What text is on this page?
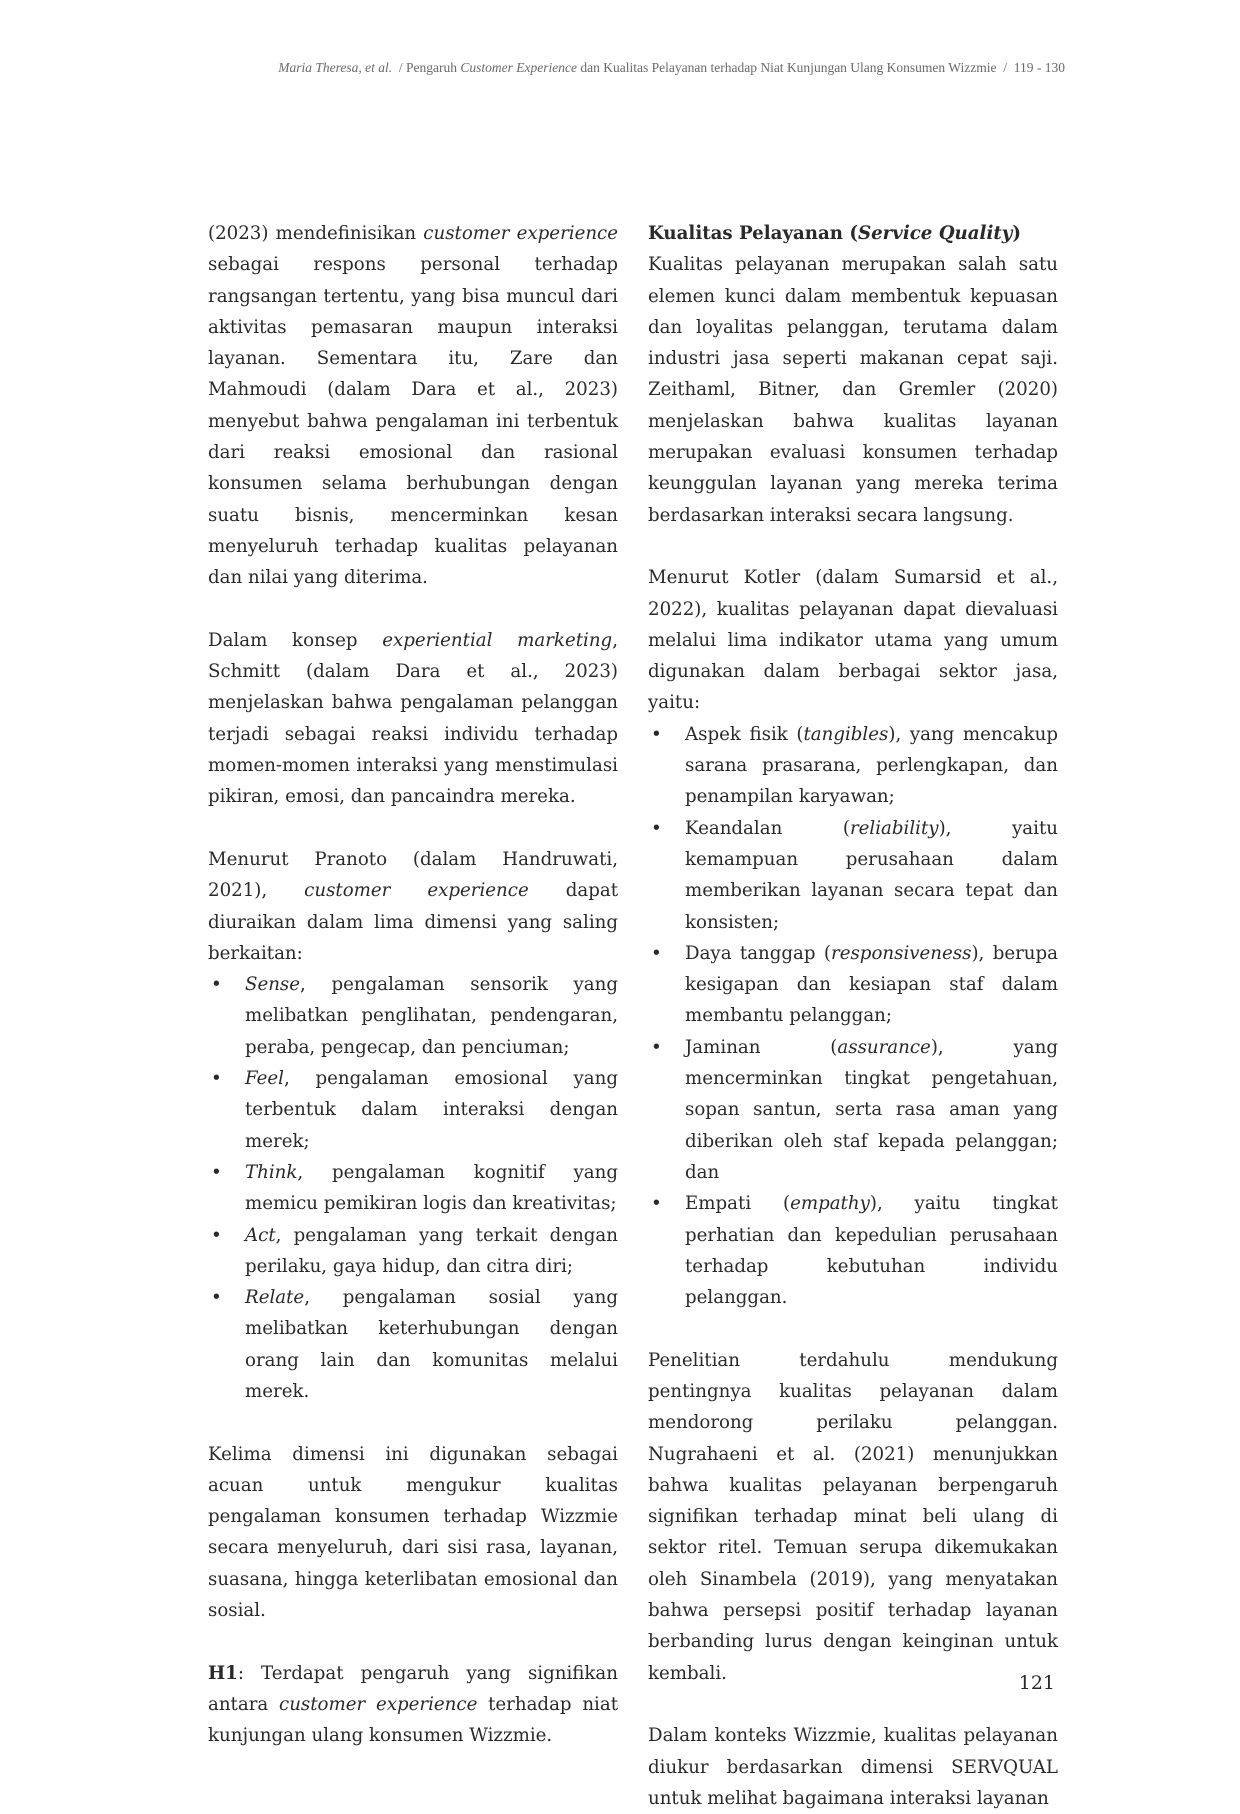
Maria Theresa, et al. / Pengaruh Customer Experience dan Kualitas Pelayanan terhadap Niat Kunjungan Ulang Konsumen Wizzmie / 119 - 130

(2023) mendefinisikan customer experience sebagai respons personal terhadap rangsangan tertentu, yang bisa muncul dari aktivitas pemasaran maupun interaksi layanan. Sementara itu, Zare dan Mahmoudi (dalam Dara et al., 2023) menyebut bahwa pengalaman ini terbentuk dari reaksi emosional dan rasional konsumen selama berhubungan dengan suatu bisnis, mencerminkan kesan menyeluruh terhadap kualitas pelayanan dan nilai yang diterima.

Dalam konsep experiential marketing, Schmitt (dalam Dara et al., 2023) menjelaskan bahwa pengalaman pelanggan terjadi sebagai reaksi individu terhadap momen-momen interaksi yang menstimulasi pikiran, emosi, dan pancaindra mereka.

Menurut Pranoto (dalam Handruwati, 2021), customer experience dapat diuraikan dalam lima dimensi yang saling berkaitan:

• Sense, pengalaman sensorik yang melibatkan penglihatan, pendengaran, peraba, pengecap, dan penciuman;
• Feel, pengalaman emosional yang terbentuk dalam interaksi dengan merek;
• Think, pengalaman kognitif yang memicu pemikiran logis dan kreativitas;
• Act, pengalaman yang terkait dengan perilaku, gaya hidup, dan citra diri;
• Relate, pengalaman sosial yang melibatkan keterhubungan dengan orang lain dan komunitas melalui merek.

Kelima dimensi ini digunakan sebagai acuan untuk mengukur kualitas pengalaman konsumen terhadap Wizzmie secara menyeluruh, dari sisi rasa, layanan, suasana, hingga keterlibatan emosional dan sosial.

H1: Terdapat pengaruh yang signifikan antara customer experience terhadap niat kunjungan ulang konsumen Wizzmie.

Kualitas Pelayanan (Service Quality)

Kualitas pelayanan merupakan salah satu elemen kunci dalam membentuk kepuasan dan loyalitas pelanggan, terutama dalam industri jasa seperti makanan cepat saji. Zeithaml, Bitner, dan Gremler (2020) menjelaskan bahwa kualitas layanan merupakan evaluasi konsumen terhadap keunggulan layanan yang mereka terima berdasarkan interaksi secara langsung.

Menurut Kotler (dalam Sumarsid et al., 2022), kualitas pelayanan dapat dievaluasi melalui lima indikator utama yang umum digunakan dalam berbagai sektor jasa, yaitu:

• Aspek fisik (tangibles), yang mencakup sarana prasarana, perlengkapan, dan penampilan karyawan;
• Keandalan (reliability), yaitu kemampuan perusahaan dalam memberikan layanan secara tepat dan konsisten;
• Daya tanggap (responsiveness), berupa kesigapan dan kesiapan staf dalam membantu pelanggan;
• Jaminan (assurance), yang mencerminkan tingkat pengetahuan, sopan santun, serta rasa aman yang diberikan oleh staf kepada pelanggan; dan
• Empati (empathy), yaitu tingkat perhatian dan kepedulian perusahaan terhadap kebutuhan individu pelanggan.

Penelitian terdahulu mendukung pentingnya kualitas pelayanan dalam mendorong perilaku pelanggan. Nugrahaeni et al. (2021) menunjukkan bahwa kualitas pelayanan berpengaruh signifikan terhadap minat beli ulang di sektor ritel. Temuan serupa dikemukakan oleh Sinambela (2019), yang menyatakan bahwa persepsi positif terhadap layanan berbanding lurus dengan keinginan untuk kembali.

Dalam konteks Wizzmie, kualitas pelayanan diukur berdasarkan dimensi SERVQUAL untuk melihat bagaimana interaksi layanan

121
